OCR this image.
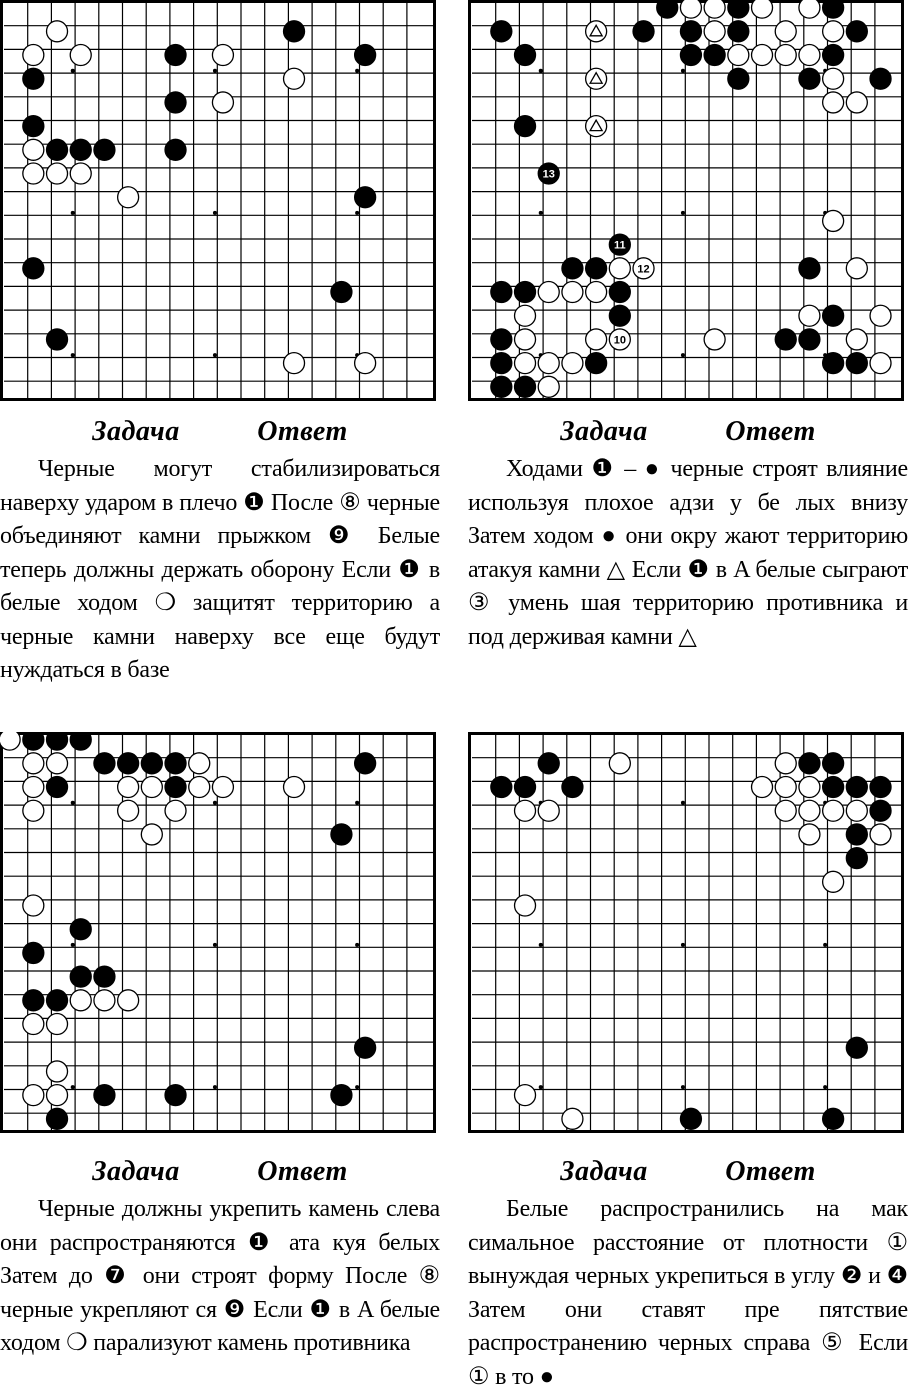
Задача	Ответ

Черные могут стабилизироваться наверху ударом в плечо ❶ После ⑧ черные объединяют камни прыжком ❾ Белые теперь должны держать оборону Если ❶ в белые ходом ❍ защитят территорию а черные камни наверху все еще будут нуждаться в базе

13
11
12
10
Задача	Ответ

Ходами ❶ – ● черные строят влияние используя плохое адзи у бе лых внизу Затем ходом ● они окру жают территорию атакуя камни △ Если ❶ в A белые сыграют ③ умень шая территорию противника и под держивая камни △

Задача	Ответ

Черные должны укрепить камень слева они распространяются ❶ ата куя белых Затем до ❼ они строят форму После ⑧ черные укрепляют ся ❾ Если ❶ в A белые ходом ❍ парализуют камень противника

Задача	Ответ

Белые распространились на мак симальное расстояние от плотности ① вынуждая черных укрепиться в углу ❷ и ❹ Затем они ставят пре пятствие распространению черных справа ⑤ Если ① в то ●
